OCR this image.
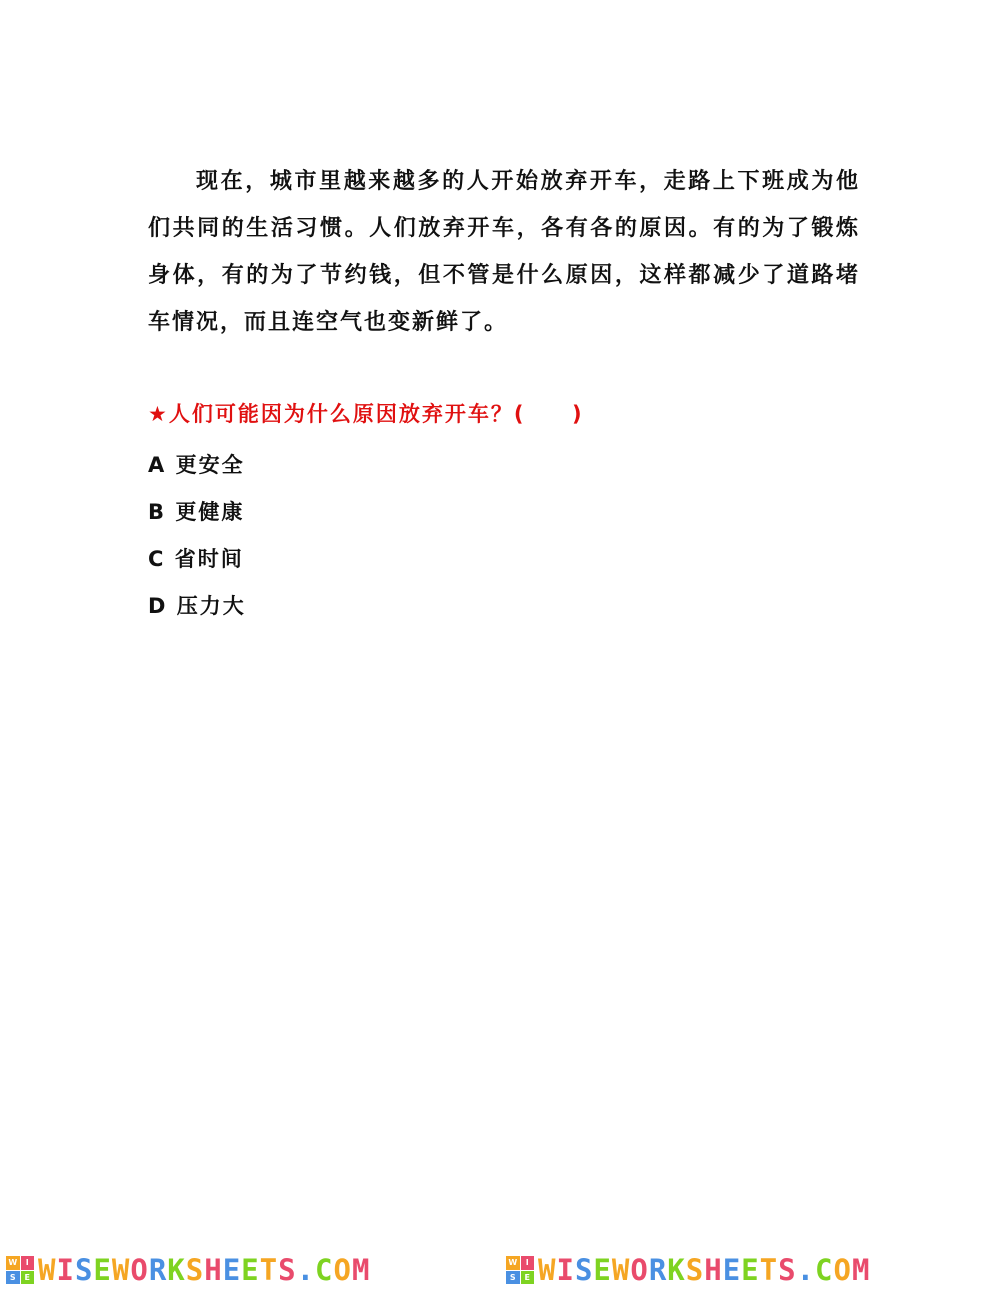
现在，城市里越来越多的人开始放弃开车，走路上下班成为他们共同的生活习惯。人们放弃开车，各有各的原因。有的为了锻炼身体，有的为了节约钱，但不管是什么原因，这样都减少了道路堵车情况，而且连空气也变新鲜了。
★人们可能因为什么原因放弃开车？(     )
A 更安全
B 更健康
C 省时间
D 压力大
W	I
S	E WISEWORKSHEETS.COM	W	I
S	E WISEWORKSHEETS.COM
